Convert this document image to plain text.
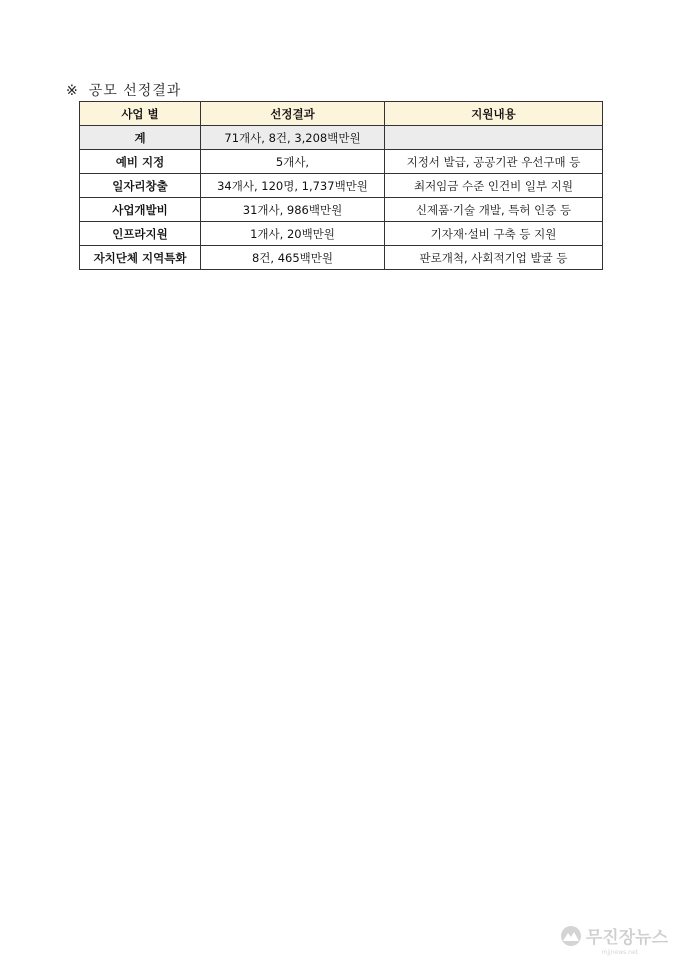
※ 공모 선정결과
사업 별	선정결과	지원내용
계	71개사, 8건, 3,208백만원	
예비 지정	5개사,	지정서 발급, 공공기관 우선구매 등
일자리창출	34개사, 120명, 1,737백만원	최저임금 수준 인건비 일부 지원
사업개발비	31개사, 986백만원	신제품·기술 개발, 특허 인증 등
인프라지원	1개사, 20백만원	기자재·설비 구축 등 지원
자치단체 지역특화	8건, 465백만원	판로개척, 사회적기업 발굴 등
무진장뉴스
mjjnews.net
